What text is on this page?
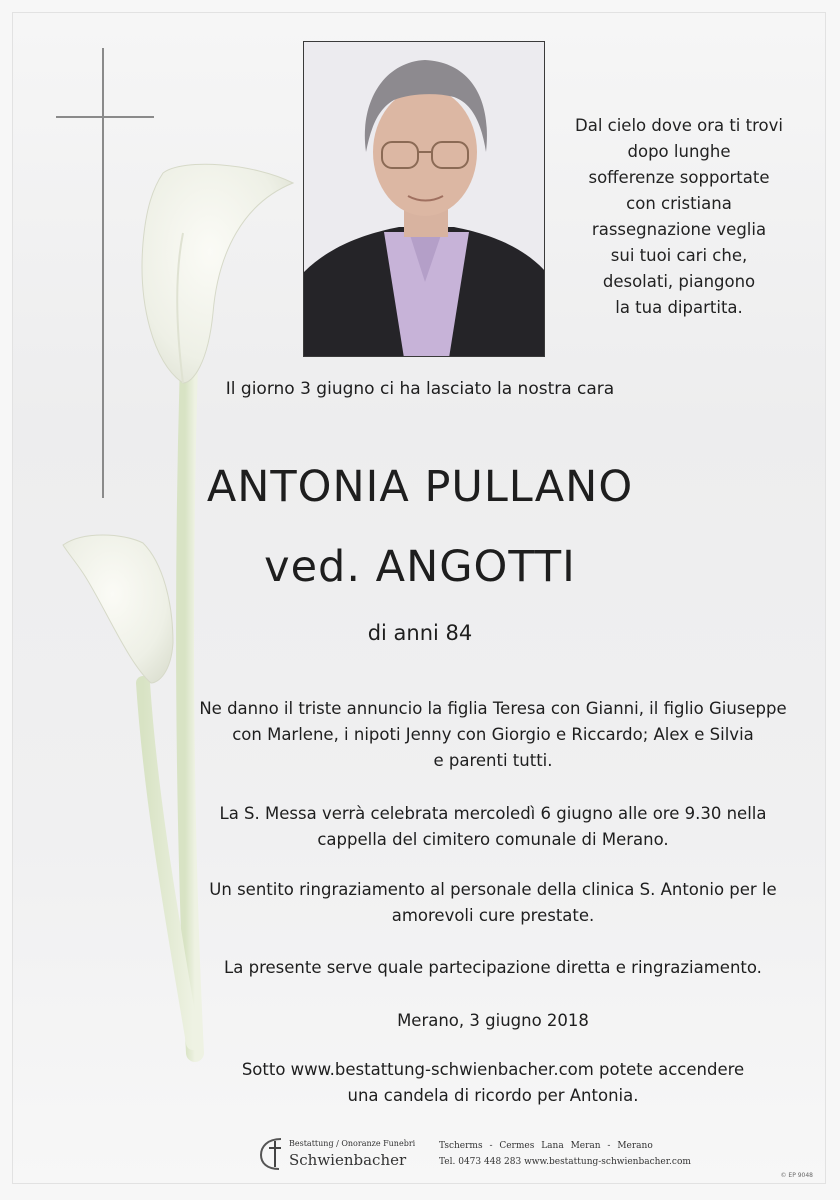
Dal cielo dove ora ti trovi
dopo lunghe
sofferenze sopportate
con cristiana
rassegnazione veglia
sui tuoi cari che,
desolati, piangono
la tua dipartita.
Il giorno 3 giugno ci ha lasciato la nostra cara
ANTONIA PULLANO
ved. ANGOTTI
di anni 84
Ne danno il triste annuncio la figlia Teresa con Gianni, il figlio Giuseppe
con Marlene, i nipoti Jenny con Giorgio e Riccardo; Alex e Silvia
e parenti tutti.
La S. Messa verrà celebrata mercoledì 6 giugno alle ore 9.30 nella
cappella del cimitero comunale di Merano.
Un sentito ringraziamento al personale della clinica S. Antonio per le
amorevoli cure prestate.
La presente serve quale partecipazione diretta e ringraziamento.
Merano, 3 giugno 2018
Sotto www.bestattung-schwienbacher.com potete accendere
una candela di ricordo per Antonia.
Bestattung / Onoranze Funebri
Schwienbacher
Tscherms - Cermes Lana Meran - Merano
Tel. 0473 448 283 www.bestattung-schwienbacher.com
© EP 9048
